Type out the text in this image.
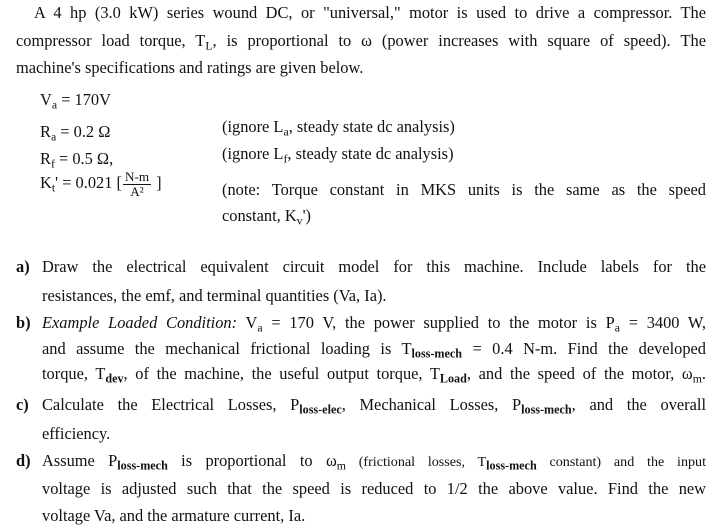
A 4 hp (3.0 kW) series wound DC, or "universal," motor is used to drive a compressor. The
compressor load torque, $T_L$, is proportional to ω (power increases with square of speed). The
machine's specifications and ratings are given below.
$V_a = 170V$
$R_a = 0.2$ Ω	(ignore $L_a$, steady state dc analysis)
$R_f = 0.5$ Ω,	(ignore $L_f$, steady state dc analysis)
$K_t' = 0.021$ [ $\frac{N-m}{\text{A²}}$ ]	(note: Torque constant in MKS units is the same as the speed
constant, $K_v'$)
a) Draw the electrical equivalent circuit model for this machine. Include labels for the
resistances, the emf, and terminal quantities (Va, Ia).
b) Example Loaded Condition: $V_a = 170$ V, the power supplied to the motor is $P_a = 3400$ W,
and assume the mechanical frictional loading is $T_{loss-mech} = 0.4$ N-m. Find the developed
torque, $T_{dev}$, of the machine, the useful output torque, $T_{Load}$, and the speed of the motor, $\omega_m$.
c) Calculate the Electrical Losses, $P_{loss-elec}$, Mechanical Losses, $P_{loss-mech}$, and the overall
efficiency.
d) Assume $P_{loss-mech}$ is proportional to $\omega_m$ (frictional losses, $T_{loss-mech}$ constant) and the input
voltage is adjusted such that the speed is reduced to 1/2 the above value. Find the new
voltage Va, and the armature current, Ia.
